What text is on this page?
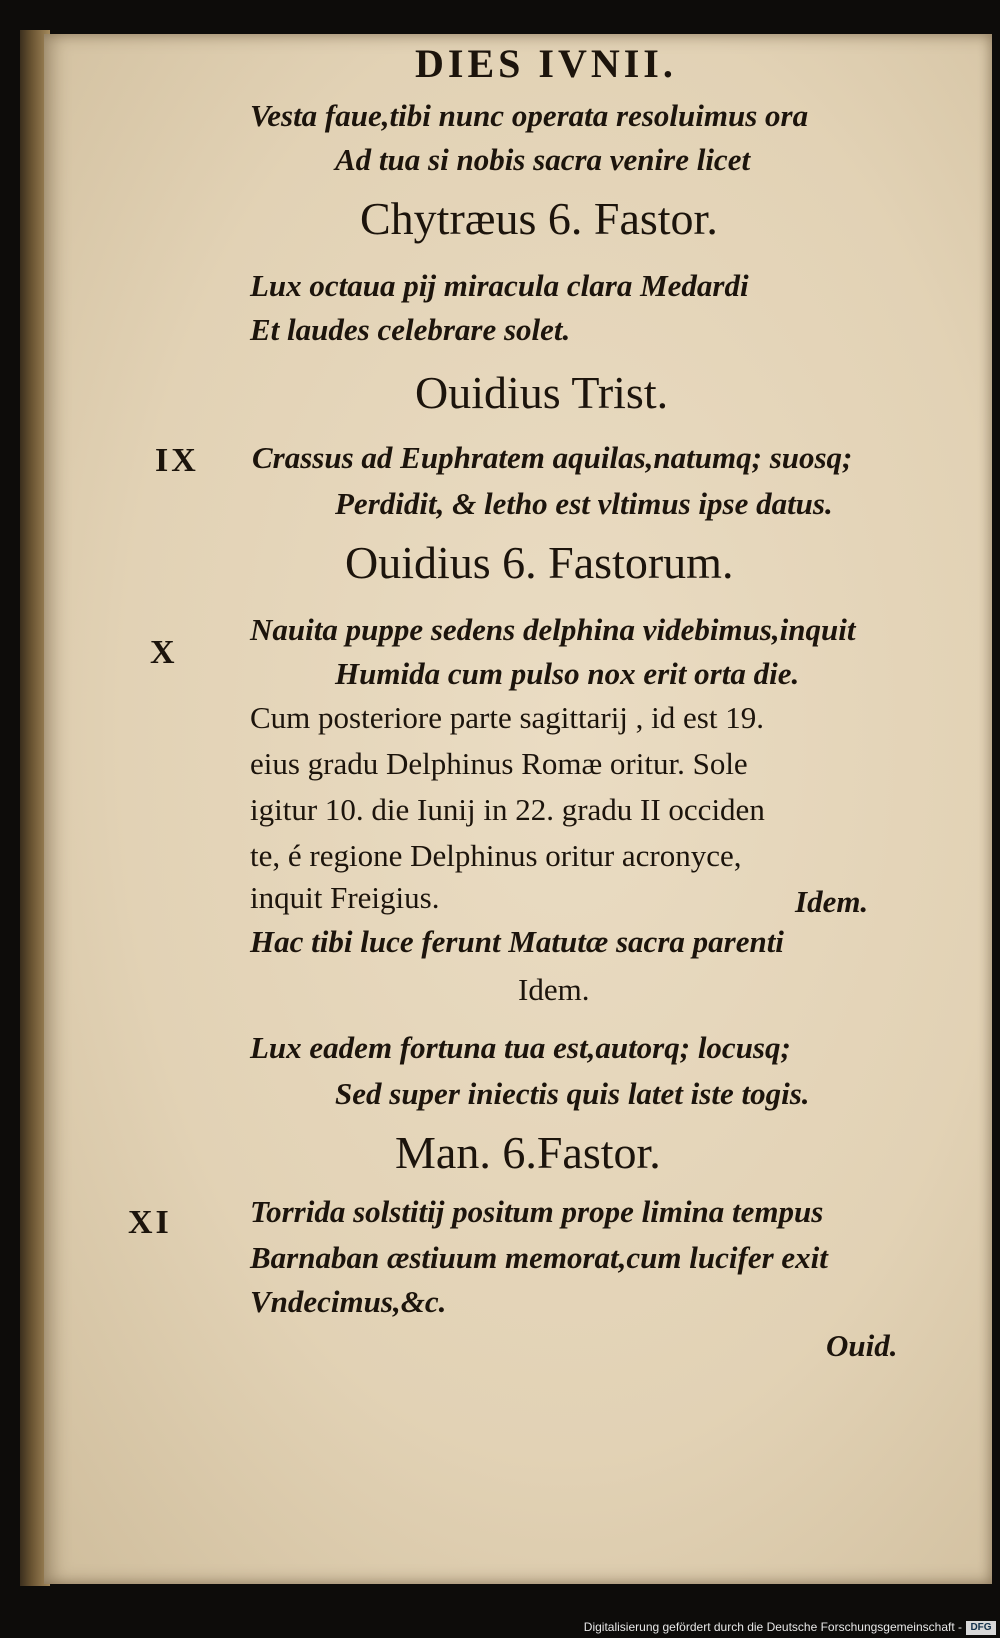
DIES IVNII.
Vesta faue,tibi nunc operata resoluimus ora
Ad tua si nobis sacra venire licet
Chytræus 6. Fastor.
Lux octaua pij miracula clara Medardi
Et laudes celebrare solet.
Ouidius Trist.
IX Crassus ad Euphratem aquilas,natumq; suosq;
Perdidit, & letho est vltimus ipse datus.
Ouidius 6. Fastorum.
X
Nauita puppe sedens delphina videbimus,inquit
Humida cum pulso nox erit orta die.
Cum posteriore parte sagittarij , id est 19.
eius gradu Delphinus Romæ oritur. Sole
igitur 10. die Iunij in 22. gradu II occiden
te, é regione Delphinus oritur acronyce,
inquit Freigius.	Idem.
Hac tibi luce ferunt Matutæ sacra parenti
Idem.
Lux eadem fortuna tua est,autorq; locusq;
Sed super iniectis quis latet iste togis.
Man. 6.Fastor.
XI	Torrida solstitij positum prope limina tempus
Barnaban æstiuum memorat,cum lucifer exit
Vndecimus,&c.
Ouid.
Digitalisierung gefördert durch die Deutsche Forschungsgemeinschaft - DFG
